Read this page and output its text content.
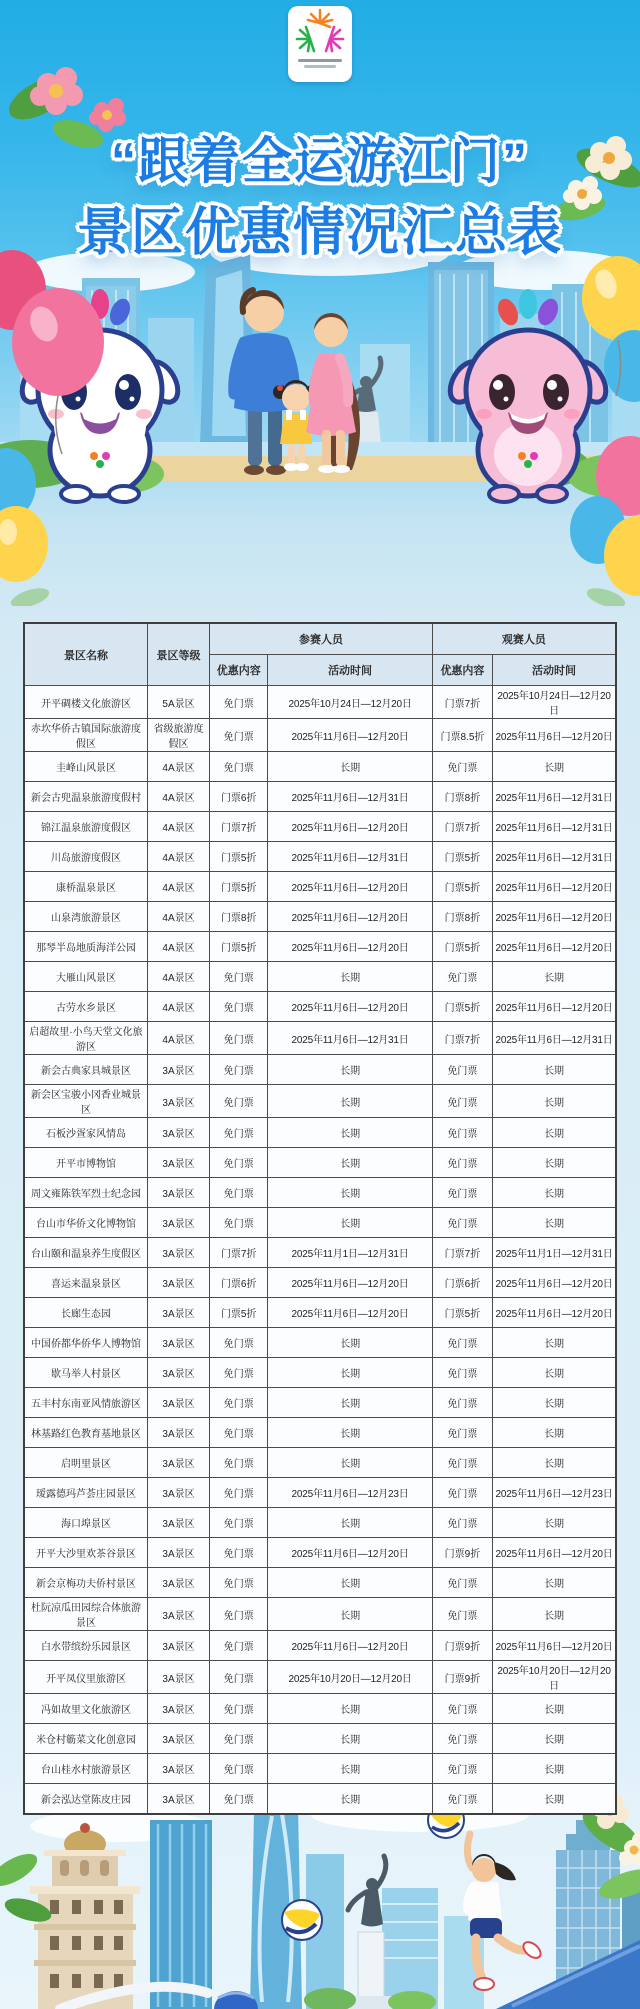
“跟着全运游江门”
景区优惠情况汇总表
景区名称	景区等级	参赛人员		观赛人员	
		优惠内容	活动时间	优惠内容	活动时间
开平碉楼文化旅游区	5A景区	免门票	2025年10月24日—12月20日	门票7折	2025年10月24日—12月20日
赤坎华侨古镇国际旅游度假区	省级旅游度假区	免门票	2025年11月6日—12月20日	门票8.5折	2025年11月6日—12月20日
圭峰山风景区	4A景区	免门票	长期	免门票	长期
新会古兜温泉旅游度假村	4A景区	门票6折	2025年11月6日—12月31日	门票8折	2025年11月6日—12月31日
锦江温泉旅游度假区	4A景区	门票7折	2025年11月6日—12月20日	门票7折	2025年11月6日—12月31日
川岛旅游度假区	4A景区	门票5折	2025年11月6日—12月31日	门票5折	2025年11月6日—12月31日
康桥温泉景区	4A景区	门票5折	2025年11月6日—12月20日	门票5折	2025年11月6日—12月20日
山泉湾旅游景区	4A景区	门票8折	2025年11月6日—12月20日	门票8折	2025年11月6日—12月20日
那琴半岛地质海洋公园	4A景区	门票5折	2025年11月6日—12月20日	门票5折	2025年11月6日—12月20日
大雁山风景区	4A景区	免门票	长期	免门票	长期
古劳水乡景区	4A景区	免门票	2025年11月6日—12月20日	门票5折	2025年11月6日—12月20日
启超故里·小鸟天堂文化旅游区	4A景区	免门票	2025年11月6日—12月31日	门票7折	2025年11月6日—12月31日
新会古典家具城景区	3A景区	免门票	长期	免门票	长期
新会区宝骏小冈香业城景区	3A景区	免门票	长期	免门票	长期
石板沙疍家风情岛	3A景区	免门票	长期	免门票	长期
开平市博物馆	3A景区	免门票	长期	免门票	长期
周文雍陈铁军烈士纪念园	3A景区	免门票	长期	免门票	长期
台山市华侨文化博物馆	3A景区	免门票	长期	免门票	长期
台山颐和温泉养生度假区	3A景区	门票7折	2025年11月1日—12月31日	门票7折	2025年11月1日—12月31日
喜运来温泉景区	3A景区	门票6折	2025年11月6日—12月20日	门票6折	2025年11月6日—12月20日
长廊生态园	3A景区	门票5折	2025年11月6日—12月20日	门票5折	2025年11月6日—12月20日
中国侨都华侨华人博物馆	3A景区	免门票	长期	免门票	长期
歇马举人村景区	3A景区	免门票	长期	免门票	长期
五丰村东南亚风情旅游区	3A景区	免门票	长期	免门票	长期
林基路红色教育基地景区	3A景区	免门票	长期	免门票	长期
启明里景区	3A景区	免门票	长期	免门票	长期
瑷露德玛芦荟庄园景区	3A景区	免门票	2025年11月6日—12月23日	免门票	2025年11月6日—12月23日
海口埠景区	3A景区	免门票	长期	免门票	长期
开平大沙里欢茶谷景区	3A景区	免门票	2025年11月6日—12月20日	门票9折	2025年11月6日—12月20日
新会京梅功夫侨村景区	3A景区	免门票	长期	免门票	长期
杜阮凉瓜田园综合体旅游景区	3A景区	免门票	长期	免门票	长期
白水带缤纷乐园景区	3A景区	免门票	2025年11月6日—12月20日	门票9折	2025年11月6日—12月20日
开平凤仪里旅游区	3A景区	免门票	2025年10月20日—12月20日	门票9折	2025年10月20日—12月20日
冯如故里文化旅游区	3A景区	免门票	长期	免门票	长期
米仓村簕菜文化创意园	3A景区	免门票	长期	免门票	长期
台山桂水村旅游景区	3A景区	免门票	长期	免门票	长期
新会泓达堂陈皮庄园	3A景区	免门票	长期	免门票	长期
